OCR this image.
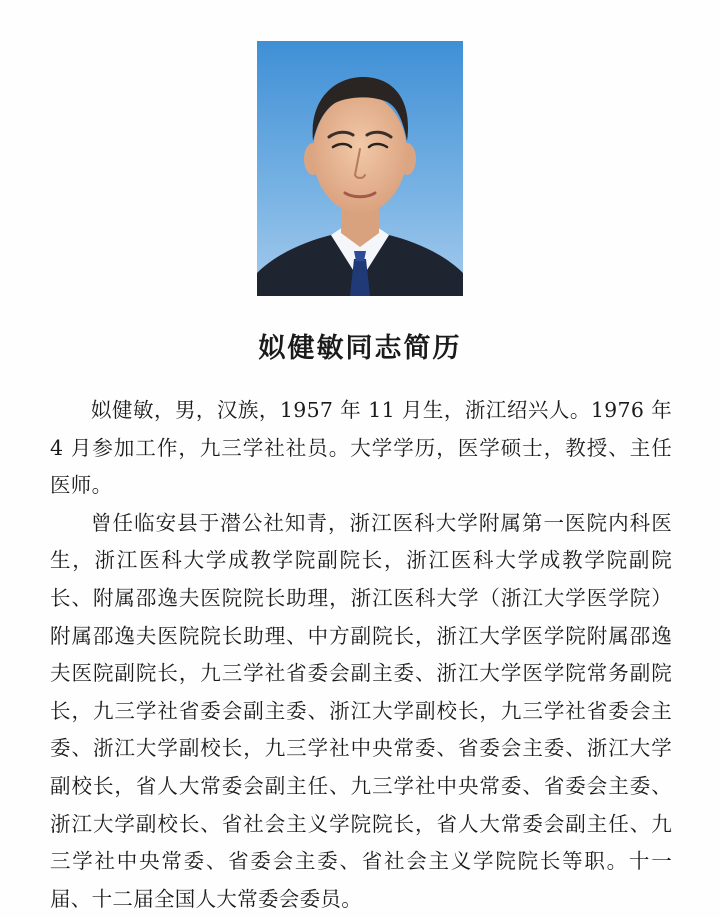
姒健敏同志简历

姒健敏，男，汉族，1957 年 11 月生，浙江绍兴人。1976 年 4 月参加工作，九三学社社员。大学学历，医学硕士，教授、主任医师。

曾任临安县于潜公社知青，浙江医科大学附属第一医院内科医生，浙江医科大学成教学院副院长，浙江医科大学成教学院副院长、附属邵逸夫医院院长助理，浙江医科大学（浙江大学医学院）附属邵逸夫医院院长助理、中方副院长，浙江大学医学院附属邵逸夫医院副院长，九三学社省委会副主委、浙江大学医学院常务副院长，九三学社省委会副主委、浙江大学副校长，九三学社省委会主委、浙江大学副校长，九三学社中央常委、省委会主委、浙江大学副校长，省人大常委会副主任、九三学社中央常委、省委会主委、浙江大学副校长、省社会主义学院院长，省人大常委会副主任、九三学社中央常委、省委会主委、省社会主义学院院长等职。十一届、十二届全国人大常委会委员。
